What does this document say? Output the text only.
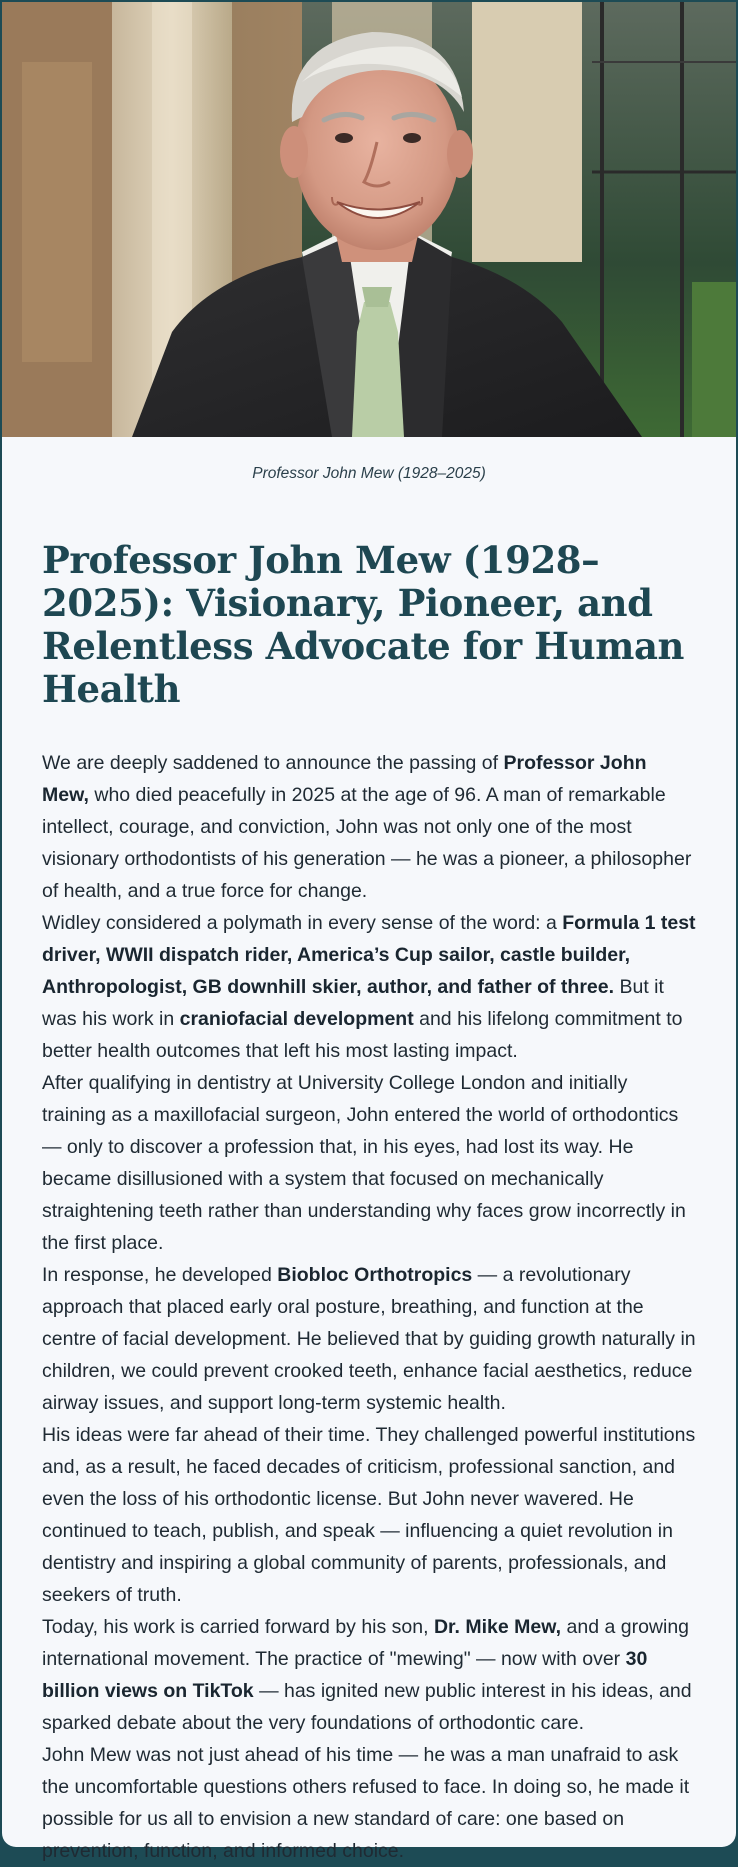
Professor John Mew (1928–2025)
Professor John Mew (1928–2025): Visionary, Pioneer, and Relentless Advocate for Human Health

We are deeply saddened to announce the passing of Professor John Mew, who died peacefully in 2025 at the age of 96. A man of remarkable intellect, courage, and conviction, John was not only one of the most visionary orthodontists of his generation — he was a pioneer, a philosopher of health, and a true force for change.

Widley considered a polymath in every sense of the word: a Formula 1 test driver, WWII dispatch rider, America’s Cup sailor, castle builder, Anthropologist, GB downhill skier, author, and father of three. But it was his work in craniofacial development and his lifelong commitment to better health outcomes that left his most lasting impact.

After qualifying in dentistry at University College London and initially training as a maxillofacial surgeon, John entered the world of orthodontics — only to discover a profession that, in his eyes, had lost its way. He became disillusioned with a system that focused on mechanically straightening teeth rather than understanding why faces grow incorrectly in the first place.

In response, he developed Biobloc Orthotropics — a revolutionary approach that placed early oral posture, breathing, and function at the centre of facial development. He believed that by guiding growth naturally in children, we could prevent crooked teeth, enhance facial aesthetics, reduce airway issues, and support long-term systemic health.

His ideas were far ahead of their time. They challenged powerful institutions and, as a result, he faced decades of criticism, professional sanction, and even the loss of his orthodontic license. But John never wavered. He continued to teach, publish, and speak — influencing a quiet revolution in dentistry and inspiring a global community of parents, professionals, and seekers of truth.

Today, his work is carried forward by his son, Dr. Mike Mew, and a growing international movement. The practice of "mewing" — now with over 30 billion views on TikTok — has ignited new public interest in his ideas, and sparked debate about the very foundations of orthodontic care.

John Mew was not just ahead of his time — he was a man unafraid to ask the uncomfortable questions others refused to face. In doing so, he made it possible for us all to envision a new standard of care: one based on prevention, function, and informed choice.
